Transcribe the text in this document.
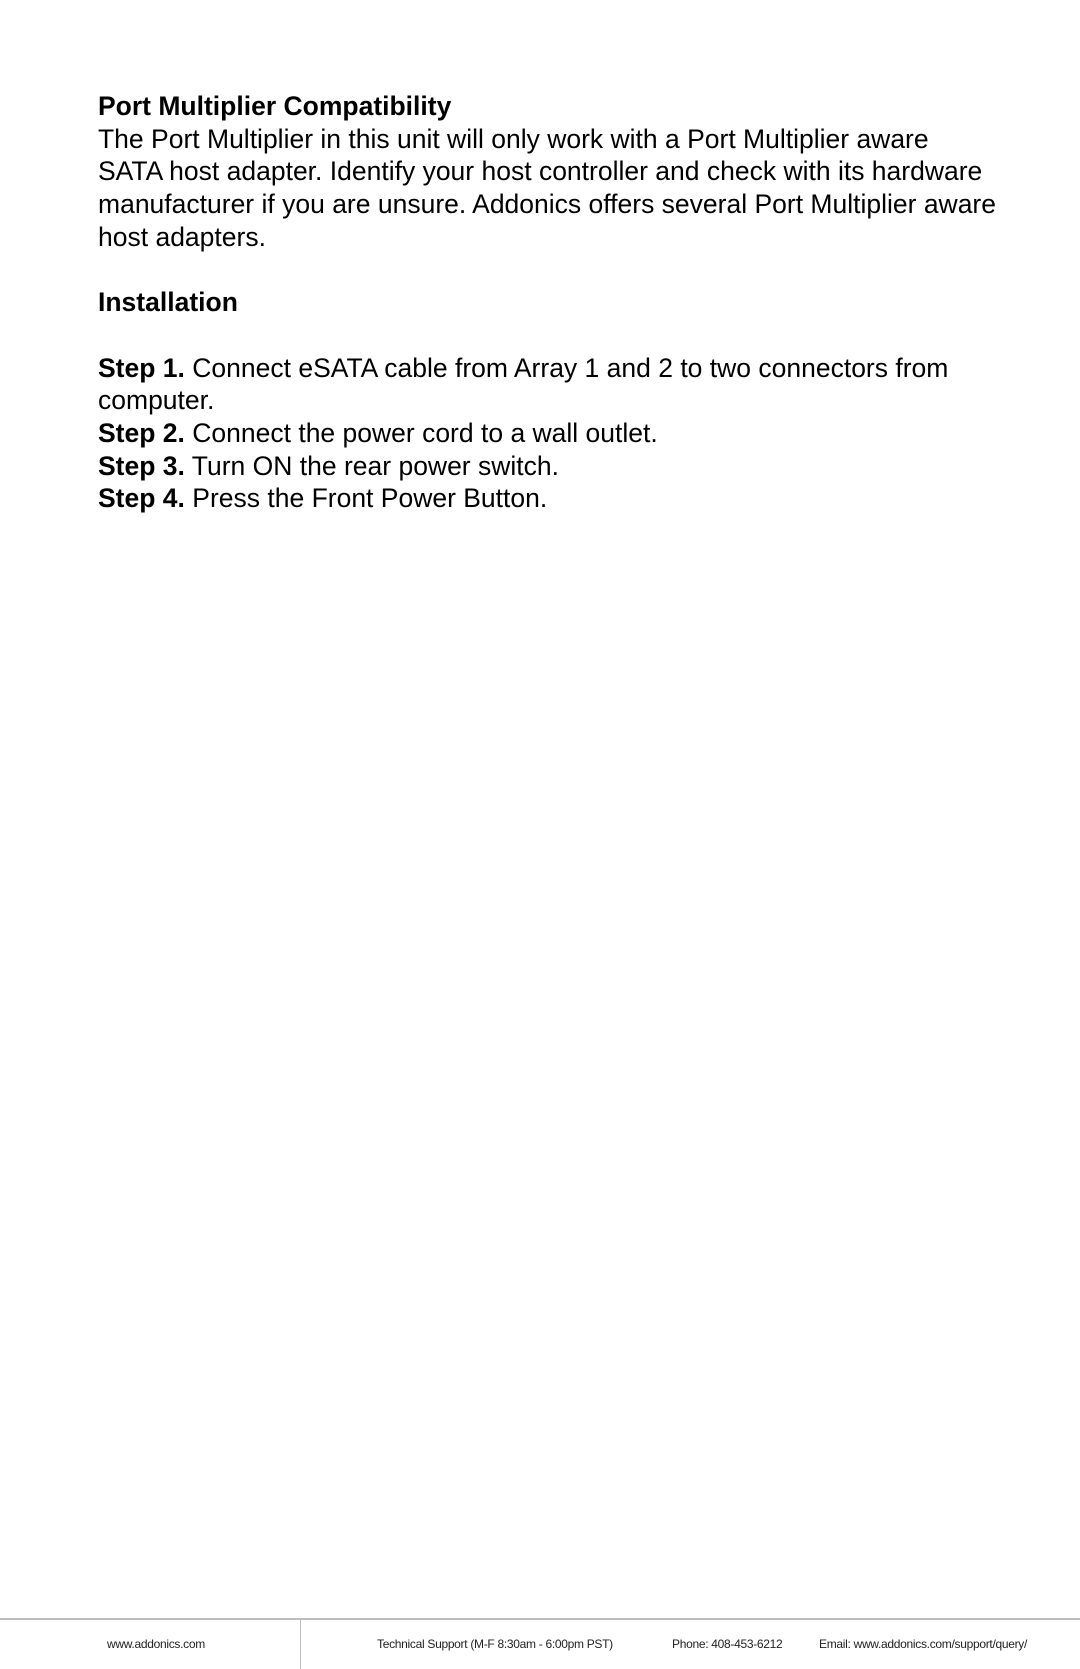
Port Multiplier Compatibility

The Port Multiplier in this unit will only work with a Port Multiplier aware SATA host adapter. Identify your host controller and check with its hardware manufacturer if you are unsure. Addonics offers several Port Multiplier aware host adapters.

Installation

Step 1. Connect eSATA cable from Array 1 and 2 to two connectors from computer.

Step 2. Connect the power cord to a wall outlet.

Step 3. Turn ON the rear power switch.

Step 4. Press the Front Power Button.

www.addonics.com	Technical Support (M-F 8:30am - 6:00pm PST)	Phone: 408-453-6212	Email: www.addonics.com/support/query/
